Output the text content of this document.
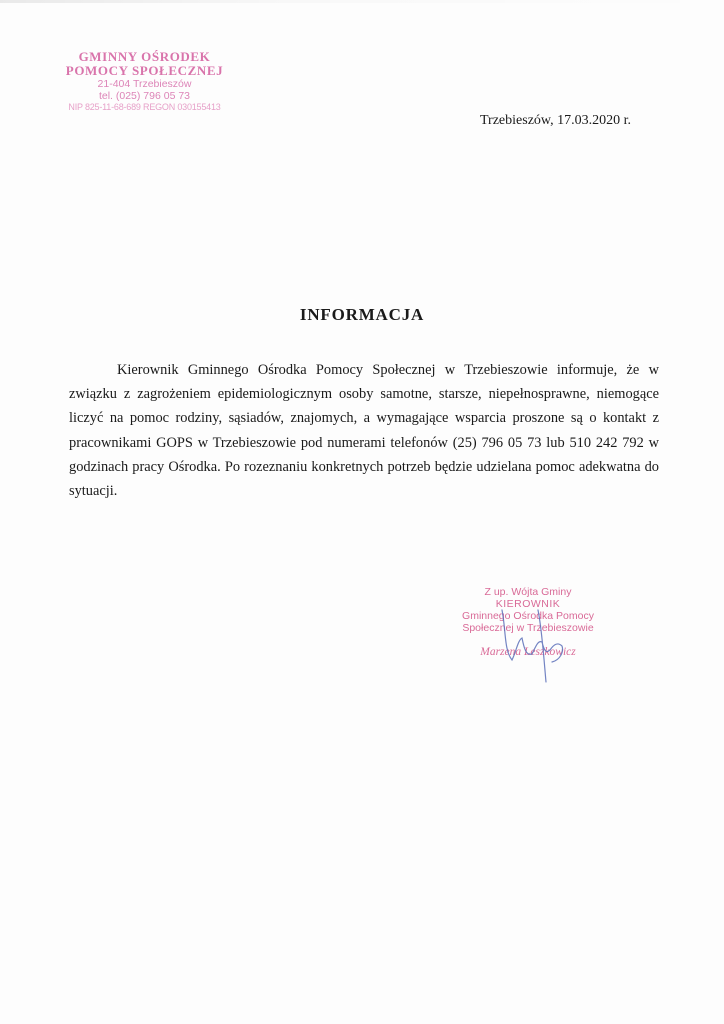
GMINNY OŚRODEK
POMOCY SPOŁECZNEJ
21-404 Trzebieszów
tel. (025) 796 05 73
NIP 825-11-68-689 REGON 030155413
Trzebieszów, 17.03.2020 r.
INFORMACJA

Kierownik Gminnego Ośrodka Pomocy Społecznej w Trzebieszowie informuje, że w związku z zagrożeniem epidemiologicznym osoby samotne, starsze, niepełnosprawne, niemogące liczyć na pomoc rodziny, sąsiadów, znajomych, a wymagające wsparcia proszone są o kontakt z pracownikami GOPS w Trzebieszowie pod numerami telefonów (25) 796 05 73 lub 510 242 792 w godzinach pracy Ośrodka. Po rozeznaniu konkretnych potrzeb będzie udzielana pomoc adekwatna do sytuacji.

Z up. Wójta Gminy
KIEROWNIK
Gminnego Ośrodka Pomocy
Społecznej w Trzebieszowie
Marzena Leszkowicz
